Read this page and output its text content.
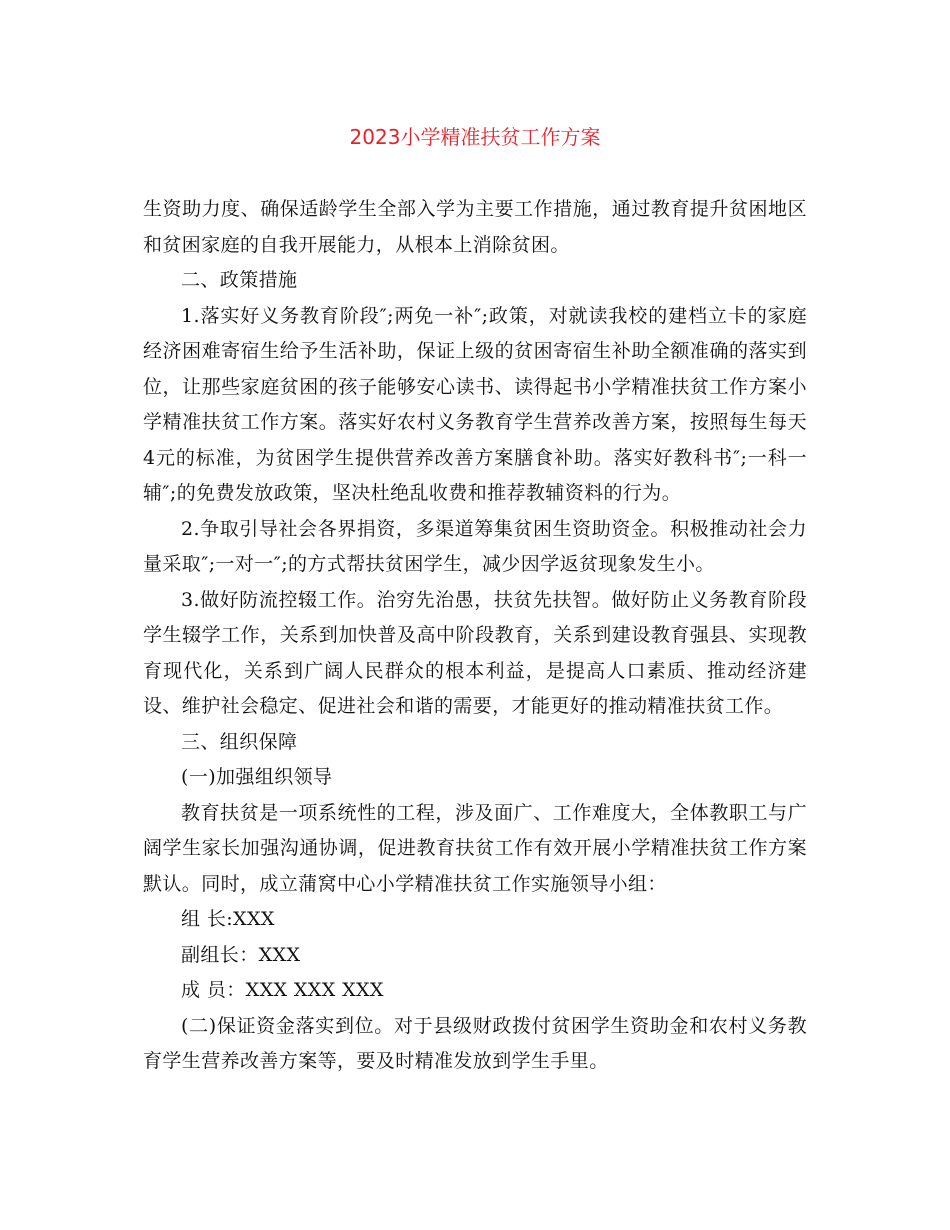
2023小学精准扶贫工作方案

生资助力度、确保适龄学生全部入学为主要工作措施，通过教育提升贫困地区和贫困家庭的自我开展能力，从根本上消除贫困。

二、政策措施

1.落实好义务教育阶段″;两免一补″;政策，对就读我校的建档立卡的家庭经济困难寄宿生给予生活补助，保证上级的贫困寄宿生补助全额准确的落实到位，让那些家庭贫困的孩子能够安心读书、读得起书小学精准扶贫工作方案小学精准扶贫工作方案。落实好农村义务教育学生营养改善方案，按照每生每天4元的标准，为贫困学生提供营养改善方案膳食补助。落实好教科书″;一科一辅″;的免费发放政策，坚决杜绝乱收费和推荐教辅资料的行为。

2.争取引导社会各界捐资，多渠道筹集贫困生资助资金。积极推动社会力量采取″;一对一″;的方式帮扶贫困学生，减少因学返贫现象发生小。

3.做好防流控辍工作。治穷先治愚，扶贫先扶智。做好防止义务教育阶段学生辍学工作，关系到加快普及高中阶段教育，关系到建设教育强县、实现教育现代化，关系到广阔人民群众的根本利益，是提高人口素质、推动经济建设、维护社会稳定、促进社会和谐的需要，才能更好的推动精准扶贫工作。

三、组织保障

(一)加强组织领导

教育扶贫是一项系统性的工程，涉及面广、工作难度大，全体教职工与广阔学生家长加强沟通协调，促进教育扶贫工作有效开展小学精准扶贫工作方案默认。同时，成立蒲窝中心小学精准扶贫工作实施领导小组：

组 长:XXX

副组长：XXX

成 员：XXX XXX XXX

(二)保证资金落实到位。对于县级财政拨付贫困学生资助金和农村义务教育学生营养改善方案等，要及时精准发放到学生手里。
